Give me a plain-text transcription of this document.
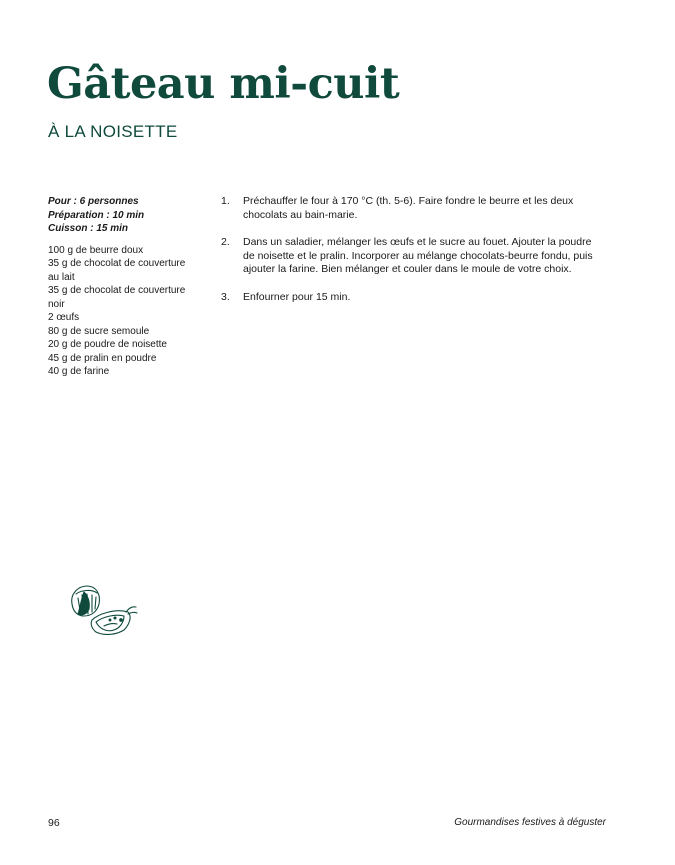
Gâteau mi-cuit
À LA NOISETTE
Pour : 6 personnes
Préparation : 10 min
Cuisson : 15 min
100 g de beurre doux
35 g de chocolat de couverture au lait
35 g de chocolat de couverture noir
2 œufs
80 g de sucre semoule
20 g de poudre de noisette
45 g de pralin en poudre
40 g de farine
1. Préchauffer le four à 170 °C (th. 5-6). Faire fondre le beurre et les deux chocolats au bain-marie.
2. Dans un saladier, mélanger les œufs et le sucre au fouet. Ajouter la poudre de noisette et le pralin. Incorporer au mélange chocolats-beurre fondu, puis ajouter la farine. Bien mélanger et couler dans le moule de votre choix.
3. Enfourner pour 15 min.
96	Gourmandises festives à déguster
